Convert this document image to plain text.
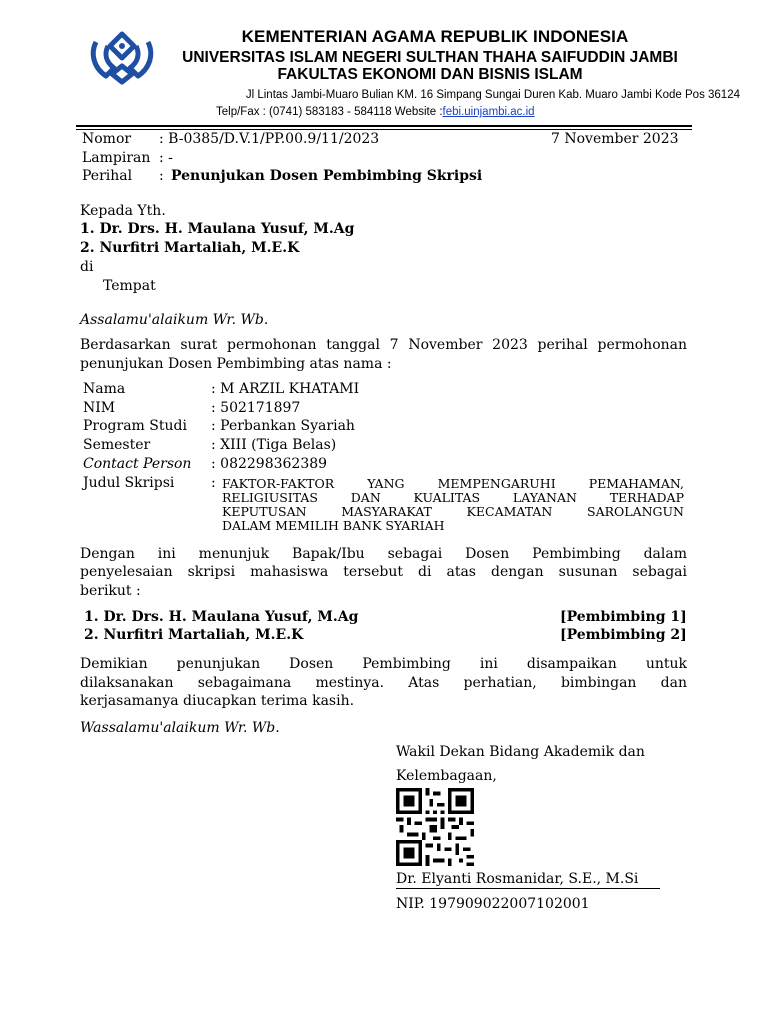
KEMENTERIAN AGAMA REPUBLIK INDONESIA
UNIVERSITAS ISLAM NEGERI SULTHAN THAHA SAIFUDDIN JAMBI
FAKULTAS EKONOMI DAN BISNIS ISLAM
Jl Lintas Jambi-Muaro Bulian KM. 16 Simpang Sungai Duren Kab. Muaro Jambi Kode Pos 36124
Telp/Fax : (0741) 583183 - 584118 Website :febi.uinjambi.ac.id
Nomor : B-0385/D.V.1/PP.00.9/11/2023	7 November 2023
Lampiran : -
Perihal : Penunjukan Dosen Pembimbing Skripsi
Kepada Yth.
1. Dr. Drs. H. Maulana Yusuf, M.Ag
2. Nurfitri Martaliah, M.E.K
di
Tempat
Assalamu'alaikum Wr. Wb.
Berdasarkan surat permohonan tanggal 7 November 2023 perihal permohonan
penunjukan Dosen Pembimbing atas nama :
Nama	: M ARZIL KHATAMI
NIM	: 502171897
Program Studi : Perbankan Syariah
Semester	: XIII (Tiga Belas)
Contact Person : 082298362389
Judul Skripsi	: FAKTOR-FAKTOR YANG MEMPENGARUHI PEMAHAMAN,
RELIGIUSITAS DAN KUALITAS LAYANAN TERHADAP
KEPUTUSAN MASYARAKAT KECAMATAN SAROLANGUN
DALAM MEMILIH BANK SYARIAH
Dengan ini menunjuk Bapak/Ibu sebagai Dosen Pembimbing dalam
penyelesaian skripsi mahasiswa tersebut di atas dengan susunan sebagai
berikut :
1. Dr. Drs. H. Maulana Yusuf, M.Ag	[Pembimbing 1]
2. Nurfitri Martaliah, M.E.K	[Pembimbing 2]
Demikian penunjukan Dosen Pembimbing ini disampaikan untuk
dilaksanakan sebagaimana mestinya. Atas perhatian, bimbingan dan
kerjasamanya diucapkan terima kasih.
Wassalamu'alaikum Wr. Wb.
Wakil Dekan Bidang Akademik dan
Kelembagaan,
Dr. Elyanti Rosmanidar, S.E., M.Si
NIP. 197909022007102001
